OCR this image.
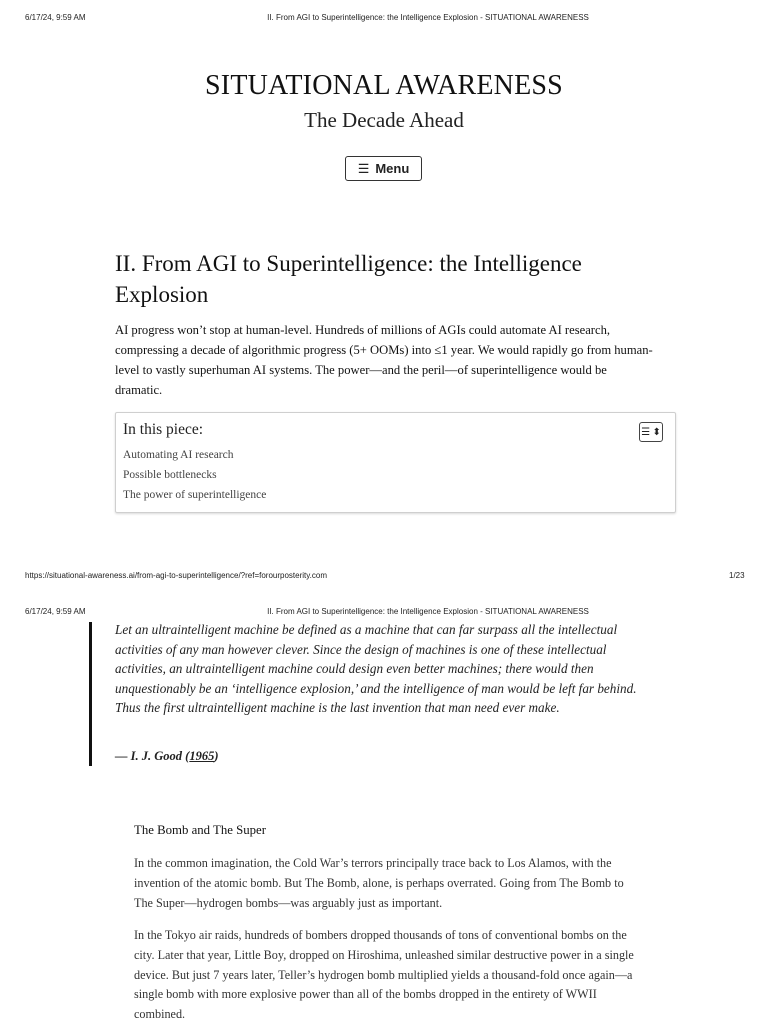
6/17/24, 9:59 AM	II. From AGI to Superintelligence: the Intelligence Explosion - SITUATIONAL AWARENESS
SITUATIONAL AWARENESS
The Decade Ahead
☰ Menu
II. From AGI to Superintelligence: the Intelligence Explosion

AI progress won’t stop at human-level. Hundreds of millions of AGIs could automate AI research, compressing a decade of algorithmic progress (5+ OOMs) into ≤1 year. We would rapidly go from human-level to vastly superhuman AI systems. The power—and the peril—of superintelligence would be dramatic.

In this piece:	☰ ⬍
Automating AI research
Possible bottlenecks
The power of superintelligence
https://situational-awareness.ai/from-agi-to-superintelligence/?ref=forourposterity.com	1/23
6/17/24, 9:59 AM	II. From AGI to Superintelligence: the Intelligence Explosion - SITUATIONAL AWARENESS

Let an ultraintelligent machine be defined as a machine that can far surpass all the intellectual activities of any man however clever. Since the design of machines is one of these intellectual activities, an ultraintelligent machine could design even better machines; there would then unquestionably be an ‘intelligence explosion,’ and the intelligence of man would be left far behind. Thus the first ultraintelligent machine is the last invention that man need ever make.

— I. J. Good (1965)
The Bomb and The Super

In the common imagination, the Cold War’s terrors principally trace back to Los Alamos, with the invention of the atomic bomb. But The Bomb, alone, is perhaps overrated. Going from The Bomb to The Super—hydrogen bombs—was arguably just as important.

In the Tokyo air raids, hundreds of bombers dropped thousands of tons of conventional bombs on the city. Later that year, Little Boy, dropped on Hiroshima, unleashed similar destructive power in a single device. But just 7 years later, Teller’s hydrogen bomb multiplied yields a thousand-fold once again—a single bomb with more explosive power than all of the bombs dropped in the entirety of WWII combined.
